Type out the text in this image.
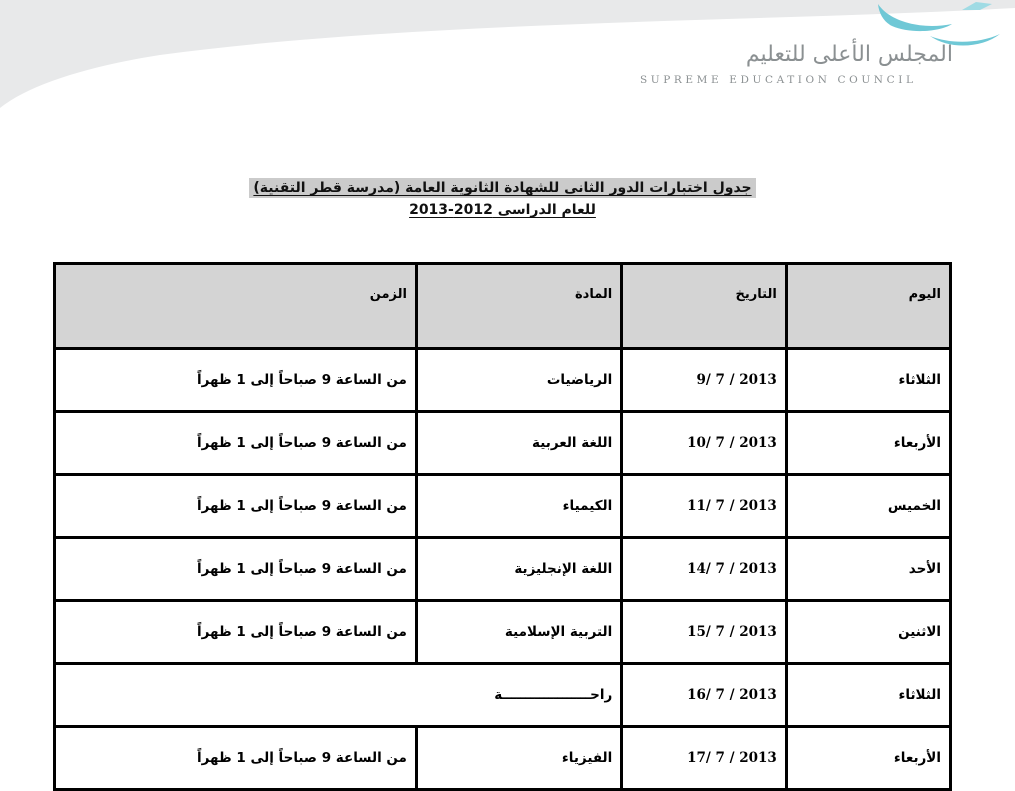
المجلس الأعلى للتعليم
SUPREME EDUCATION COUNCIL
جدول اختبارات الدور الثانى للشهادة الثانوية العامة (مدرسة قطر التقنية)
للعام الدراسى 2012-2013
اليوم	التاريخ	المادة	الزمن
الثلاثاء	9/ 7 / 2013	الرياضيات	من الساعة 9 صباحاً إلى 1 ظهراً
الأربعاء	10/ 7 / 2013	اللغة العربية	من الساعة 9 صباحاً إلى 1 ظهراً
الخميس	11/ 7 / 2013	الكيمياء	من الساعة 9 صباحاً إلى 1 ظهراً
الأحد	14/ 7 / 2013	اللغة الإنجليزية	من الساعة 9 صباحاً إلى 1 ظهراً
الاثنين	15/ 7 / 2013	التربية الإسلامية	من الساعة 9 صباحاً إلى 1 ظهراً
الثلاثاء	16/ 7 / 2013	راحـــــــــــــــــــة	
الأربعاء	17/ 7 / 2013	الفيزياء	من الساعة 9 صباحاً إلى 1 ظهراً
